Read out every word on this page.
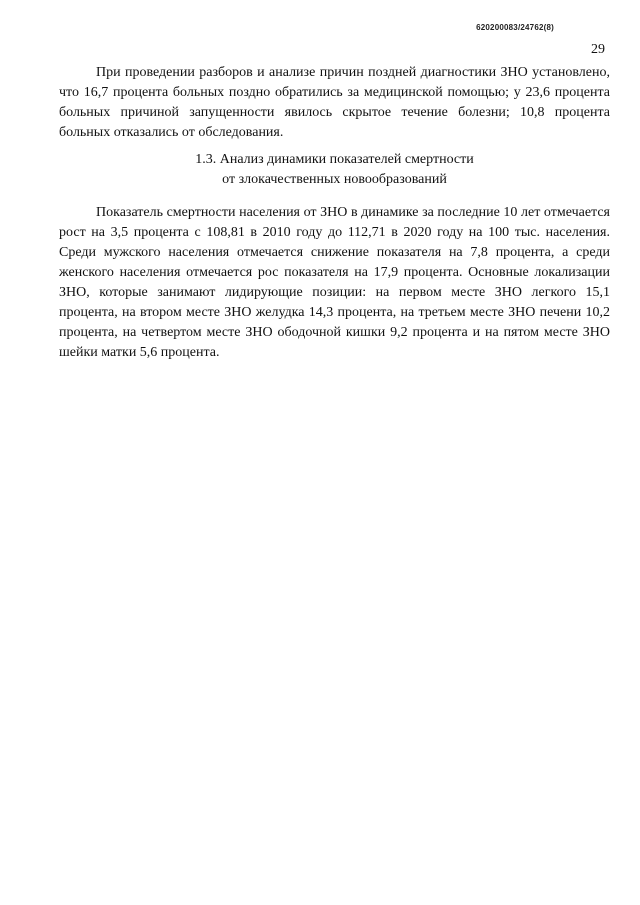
620200083/24762(8)
29

При проведении разборов и анализе причин поздней диагностики ЗНО установлено, что 16,7 процента больных поздно обратились за медицинской помощью; у 23,6 процента больных причиной запущенности явилось скрытое течение болезни; 10,8 процента больных отказались от обследования.

1.3. Анализ динамики показателей смертности
от злокачественных новообразований

Показатель смертности населения от ЗНО в динамике за последние 10 лет отмечается рост на 3,5 процента с 108,81 в 2010 году до 112,71 в 2020 году на 100 тыс. населения. Среди мужского населения отмечается снижение показателя на 7,8 процента, а среди женского населения отмечается рос показателя на 17,9 процента. Основные локализации ЗНО, которые занимают лидирующие позиции: на первом месте ЗНО легкого 15,1 процента, на втором месте ЗНО желудка 14,3 процента, на третьем месте ЗНО печени 10,2 процента, на четвертом месте ЗНО ободочной кишки 9,2 процента и на пятом месте ЗНО шейки матки 5,6 процента.
